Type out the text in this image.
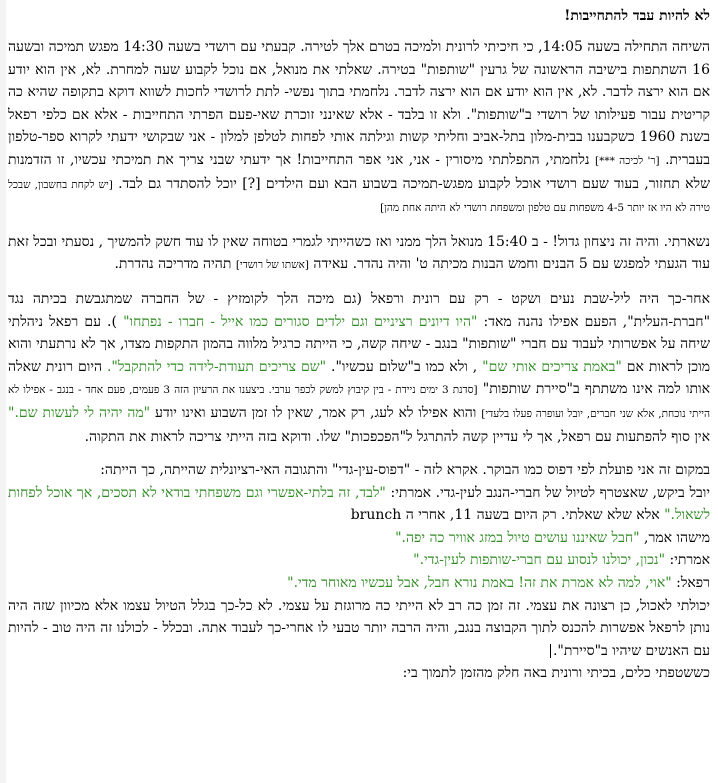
לא להיות עבד להתחייבות!

השיחה התחילה בשעה 14:05, כי חיכיתי לרונית ולמיכה בטרם אלך לטירה. קבעתי עם רושדי בשעה 14:30 מפגש תמיכה ובשעה 16 השתתפות בישיבה הראשונה של גרעין "שותפות" בטירה. שאלתי את מנואל, אם נוכל לקבוע שעה למחרת. לא, אין הוא יודע אם הוא ירצה לדבר. לא, אין הוא יודע אם הוא ירצה לדבר. נלחמתי בתוך נפשי- לתת לרושדי לחכות לשווא דוקא בתקופה שהיא כה קריטית עבור פעילותו של רושדי ב"שותפות". ולא זו בלבד - אלא שאינני זוכרת שאי-פעם הפרתי התחייבות - אלא אם כלפי רפאל בשנת 1960 כשקבענו בבית-מלון בתל-אביב וחליתי קשות וגילתה אותי לפחות לטלפן למלון - אני שבקושי ידעתי לקרוא ספר-טלפון בעברית. [ר' לכיכה ***] נלחמתי, התפלתתי מיסורין - אני, אני אפר התחייבות! אך ידעתי שבני צריך את תמיכתי עכשיו, זו הזדמנות שלא תחזור, בעוד שעם רושדי אוכל לקבוע מפגש-תמיכה בשבוע הבא ועם הילדים [?] יוכל להסתדר גם לבד. [יש לקחת בחשבון, שבכל טירה לא היו אז יותר 4-5 משפחות עם טלפון ומשפחת רושדי לא היתה אחת מהן]

נשארתי. והיה זה ניצחון גדול! - ב 15:40 מנואל הלך ממני ואז כשהייתי לגמרי בטוחה שאין לו עוד חשק להמשיך , נסעתי ובכל זאת עוד הגעתי למפגש עם 5 הבנים וחמש הבנות מכיתה ט' והיה נהדר. עאידה [אשתו של רושדי] תהיה מדריכה נהדרת.

אחר-כך היה ליל-שבת נעים ושקט - רק עם רונית ורפאל (גם מיכה הלך לקומזיץ - של החברה שמתגבשת בכיתה נגד "חברת-העלית", הפעם אפילו נהנה מאד: "היו דיונים רציניים וגם ילדים סגורים כמו אייל - חברו - נפתחו" ). עם רפאל ניהלתי שיחה על אפשרותי לעבוד עם חברי "שותפות" בנגב - שיחה קשה, כי הייתה כרגיל מלווה בהמון התקפות מצדו, אך לא נרתעתי והוא מוכן לראות אם "באמת צריכים אותי שם" , ולא כמו ב"שלום עכשיו". "שם צריכים תעודת-לידה כדי להתקבל". היום רונית שאלה אותו למה אינו משתתף ב"סיירת שותפות" [סדנת 3 ימים ניידת - בין קיבוץ למשק לכפר ערבי. ביצענו את הרעיון הזה 3 פעמים, פעם אחד - בנגב - אפילו לא הייתי נוכחת, אלא שני חברים, יובל ועופרה פעלו בלעדי] והוא אפילו לא לעג, רק אמר, שאין לו זמן השבוע ואינו יודע "מה יהיה לי לעשות שם." אין סוף להפתעות עם רפאל, אך לי עדיין קשה להתרגל ל"הפכפכות" שלו. ודוקא בזה הייתי צריכה לראות את התקוה.

במקום זה אני פועלת לפי דפוס כמו הבוקר. אקרא לזה - "דפוס-עין-גדי" והתגובה האי-רציונלית שהייתה, כך הייתה:
יובל ביקש, שאצטרף לטיול של חברי-הנגב לעין-גדי. אמרתי: "לבד, זה בלתי-אפשרי וגם משפחתי בודאי לא תסכים, אך אוכל לפחות לשאול." אלא שלא שאלתי. רק היום בשעה 11, אחרי ה brunch
מישהו אמר, "חבל שאיננו עושים טיול במזג אוויר כה יפה."
אמרתי: "נכון, יכולנו לנסוע עם חברי-שותפות לעין-גדי."
רפאל: "אוי, למה לא אמרת את זה! באמת נורא חבל, אבל עכשיו מאוחר מדי."
יכולתי לאכול, כן רצונה את עצמי. זה זמן כה רב לא הייתי כה מרוגזת על עצמי. לא כל-כך בגלל הטיול עצמו אלא מכיוון שזה היה נותן לרפאל אפשרות להכנס לתוך הקבוצה בנגב, והיה הרבה יותר טבעי לו אחרי-כך לעבוד אתה. ובכלל - לכולנו זה היה טוב - להיות עם האנשים שיהיו ב"סיירת".
כששטפתי כלים, בכיתי ורונית באה חלק מהזמן לתמוך בי:
